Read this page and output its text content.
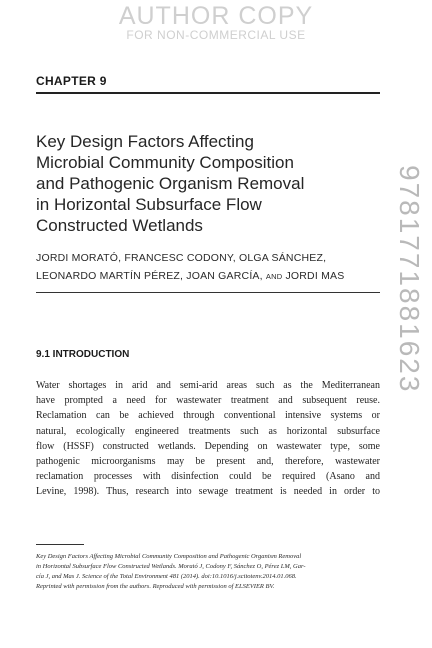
AUTHOR COPY
FOR NON-COMMERCIAL USE
CHAPTER 9
Key Design Factors Affecting
Microbial Community Composition
and Pathogenic Organism Removal
in Horizontal Subsurface Flow
Constructed Wetlands
JORDI MORATÓ, FRANCESC CODONY, OLGA SÁNCHEZ,
LEONARDO MARTÍN PÉREZ, JOAN GARCÍA, AND JORDI MAS	9781771881623
9.1 INTRODUCTION
Water shortages in arid and semi-arid areas such as the Mediterranean
have prompted a need for wastewater treatment and subsequent reuse.
Reclamation can be achieved through conventional intensive systems or
natural, ecologically engineered treatments such as horizontal subsurface
flow (HSSF) constructed wetlands. Depending on wastewater type, some
pathogenic microorganisms may be present and, therefore, wastewater
reclamation processes with disinfection could be required (Asano and
Levine, 1998). Thus, research into sewage treatment is needed in order to
Key Design Factors Affecting Microbial Community Composition and Pathogenic Organism Removal
in Horizontal Subsurface Flow Constructed Wetlands. Morató J, Codony F, Sánchez O, Pérez LM, Gar-
cía J, and Mas J. Science of the Total Environment 481 (2014). doi:10.1016/j.scitotenv.2014.01.068.
Reprinted with permission from the authors. Reproduced with permission of ELSEVIER BV.
